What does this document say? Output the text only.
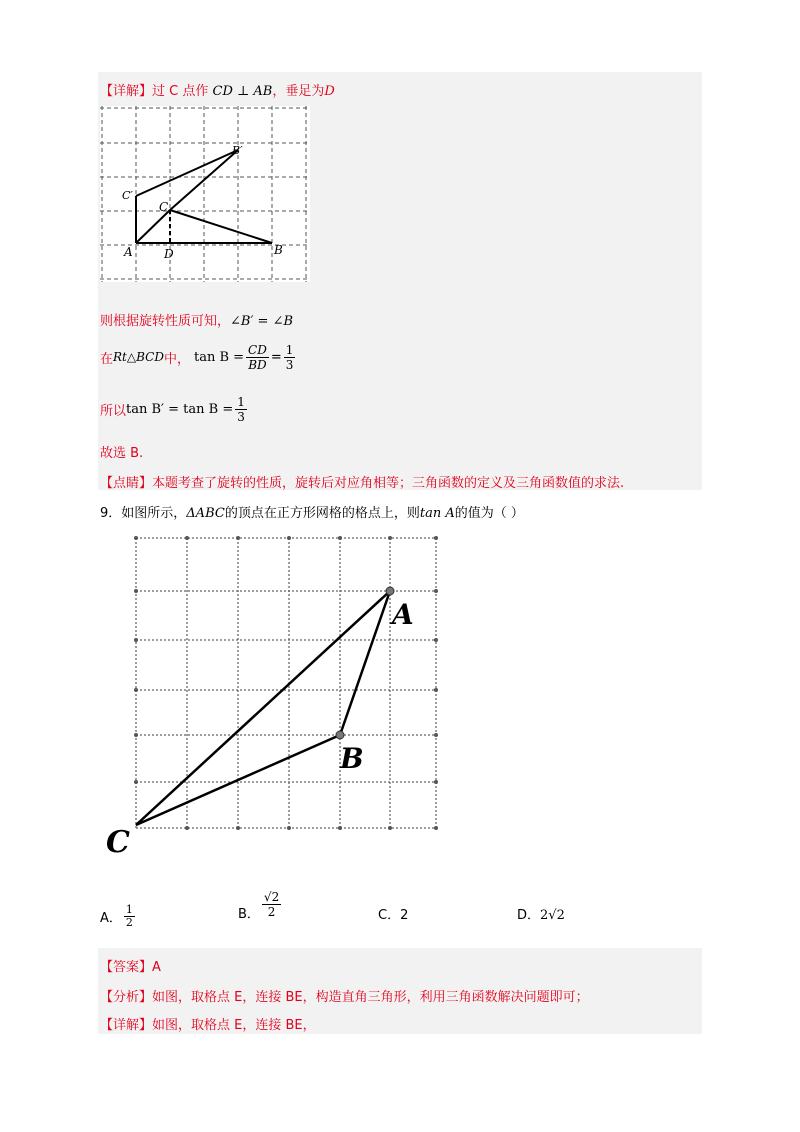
【详解】过 C 点作 CD ⊥ AB，垂足为D
B′
C′
C
A	D	B
则根据旋转性质可知，∠B′ = ∠B
在 Rt△BCD 中， $\tan B = \frac{CD}{BD} = \frac{1}{3}$
所以 $\tan B' = \tan B = \frac{1}{3}$
故选 B.
【点睛】本题考查了旋转的性质，旋转后对应角相等；三角函数的定义及三角函数值的求法.
9．如图所示，ΔABC的顶点在正方形网格的格点上，则tan A的值为（ ）
A
B
C
A． $\frac{1}{2}$	B． $\frac{√2}{2}$	C．2	D．2√2
【答案】A
【分析】如图，取格点 E，连接 BE，构造直角三角形，利用三角函数解决问题即可；
【详解】如图，取格点 E，连接 BE，
